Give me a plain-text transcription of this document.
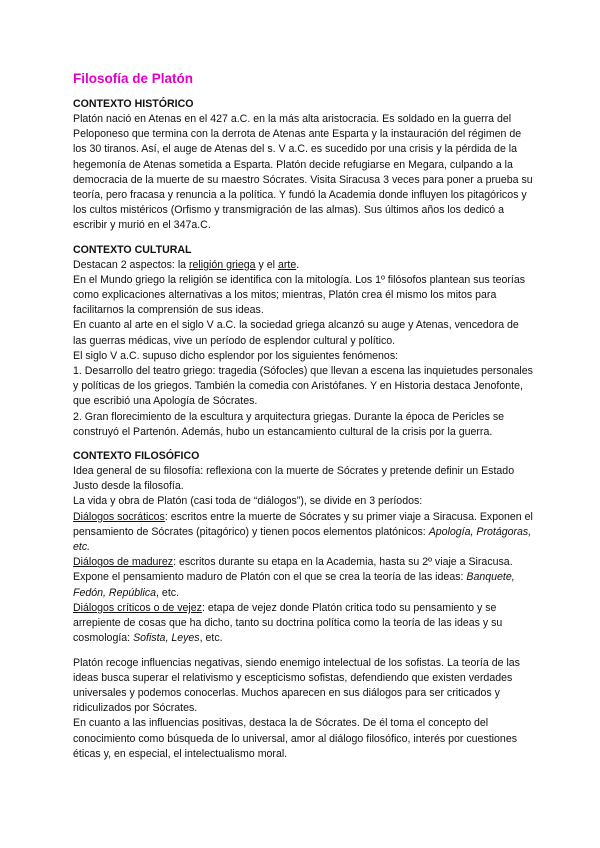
Filosofía de Platón
CONTEXTO HISTÓRICO

Platón nació en Atenas en el 427 a.C. en la más alta aristocracia. Es soldado en la guerra del Peloponeso que termina con la derrota de Atenas ante Esparta y la instauración del régimen de los 30 tiranos. Así, el auge de Atenas del s. V a.C. es sucedido por una crisis y la pérdida de la hegemonía de Atenas sometida a Esparta. Platón decide refugiarse en Megara, culpando a la democracia de la muerte de su maestro Sócrates. Visita Siracusa 3 veces para poner a prueba su teoría, pero fracasa y renuncia a la política. Y fundó la Academia donde influyen los pitagóricos y los cultos mistéricos (Orfismo y transmigración de las almas). Sus últimos años los dedicó a escribir y murió en el 347a.C.

CONTEXTO CULTURAL

Destacan 2 aspectos: la religión griega y el arte.

En el Mundo griego la religión se identifica con la mitología. Los 1º filósofos plantean sus teorías como explicaciones alternativas a los mitos; mientras, Platón crea él mismo los mitos para facilitarnos la comprensión de sus ideas.

En cuanto al arte en el siglo V a.C. la sociedad griega alcanzó su auge y Atenas, vencedora de las guerras médicas, vive un período de esplendor cultural y político.

El siglo V a.C. supuso dicho esplendor por los siguientes fenómenos:

1. Desarrollo del teatro griego: tragedia (Sófocles) que llevan a escena las inquietudes personales y políticas de los griegos. También la comedia con Aristófanes. Y en Historia destaca Jenofonte, que escribió una Apología de Sócrates.

2. Gran florecimiento de la escultura y arquitectura griegas. Durante la época de Pericles se construyó el Partenón. Además, hubo un estancamiento cultural de la crisis por la guerra.

CONTEXTO FILOSÓFICO

Idea general de su filosofía: reflexiona con la muerte de Sócrates y pretende definir un Estado Justo desde la filosofía.

La vida y obra de Platón (casi toda de “diálogos”), se divide en 3 períodos:

Diálogos socráticos: escritos entre la muerte de Sócrates y su primer viaje a Siracusa. Exponen el pensamiento de Sócrates (pitagórico) y tienen pocos elementos platónicos: Apología, Protágoras, etc.

Diálogos de madurez: escritos durante su etapa en la Academia, hasta su 2º viaje a Siracusa. Expone el pensamiento maduro de Platón con el que se crea la teoría de las ideas: Banquete, Fedón, República, etc.

Diálogos críticos o de vejez: etapa de vejez donde Platón critica todo su pensamiento y se arrepiente de cosas que ha dicho, tanto su doctrina política como la teoría de las ideas y su cosmología: Sofista, Leyes, etc.

Platón recoge influencias negativas, siendo enemigo intelectual de los sofistas. La teoría de las ideas busca superar el relativismo y escepticismo sofistas, defendiendo que existen verdades universales y podemos conocerlas. Muchos aparecen en sus diálogos para ser criticados y ridiculizados por Sócrates.

En cuanto a las influencias positivas, destaca la de Sócrates. De él toma el concepto del conocimiento como búsqueda de lo universal, amor al diálogo filosófico, interés por cuestiones éticas y, en especial, el intelectualismo moral.
